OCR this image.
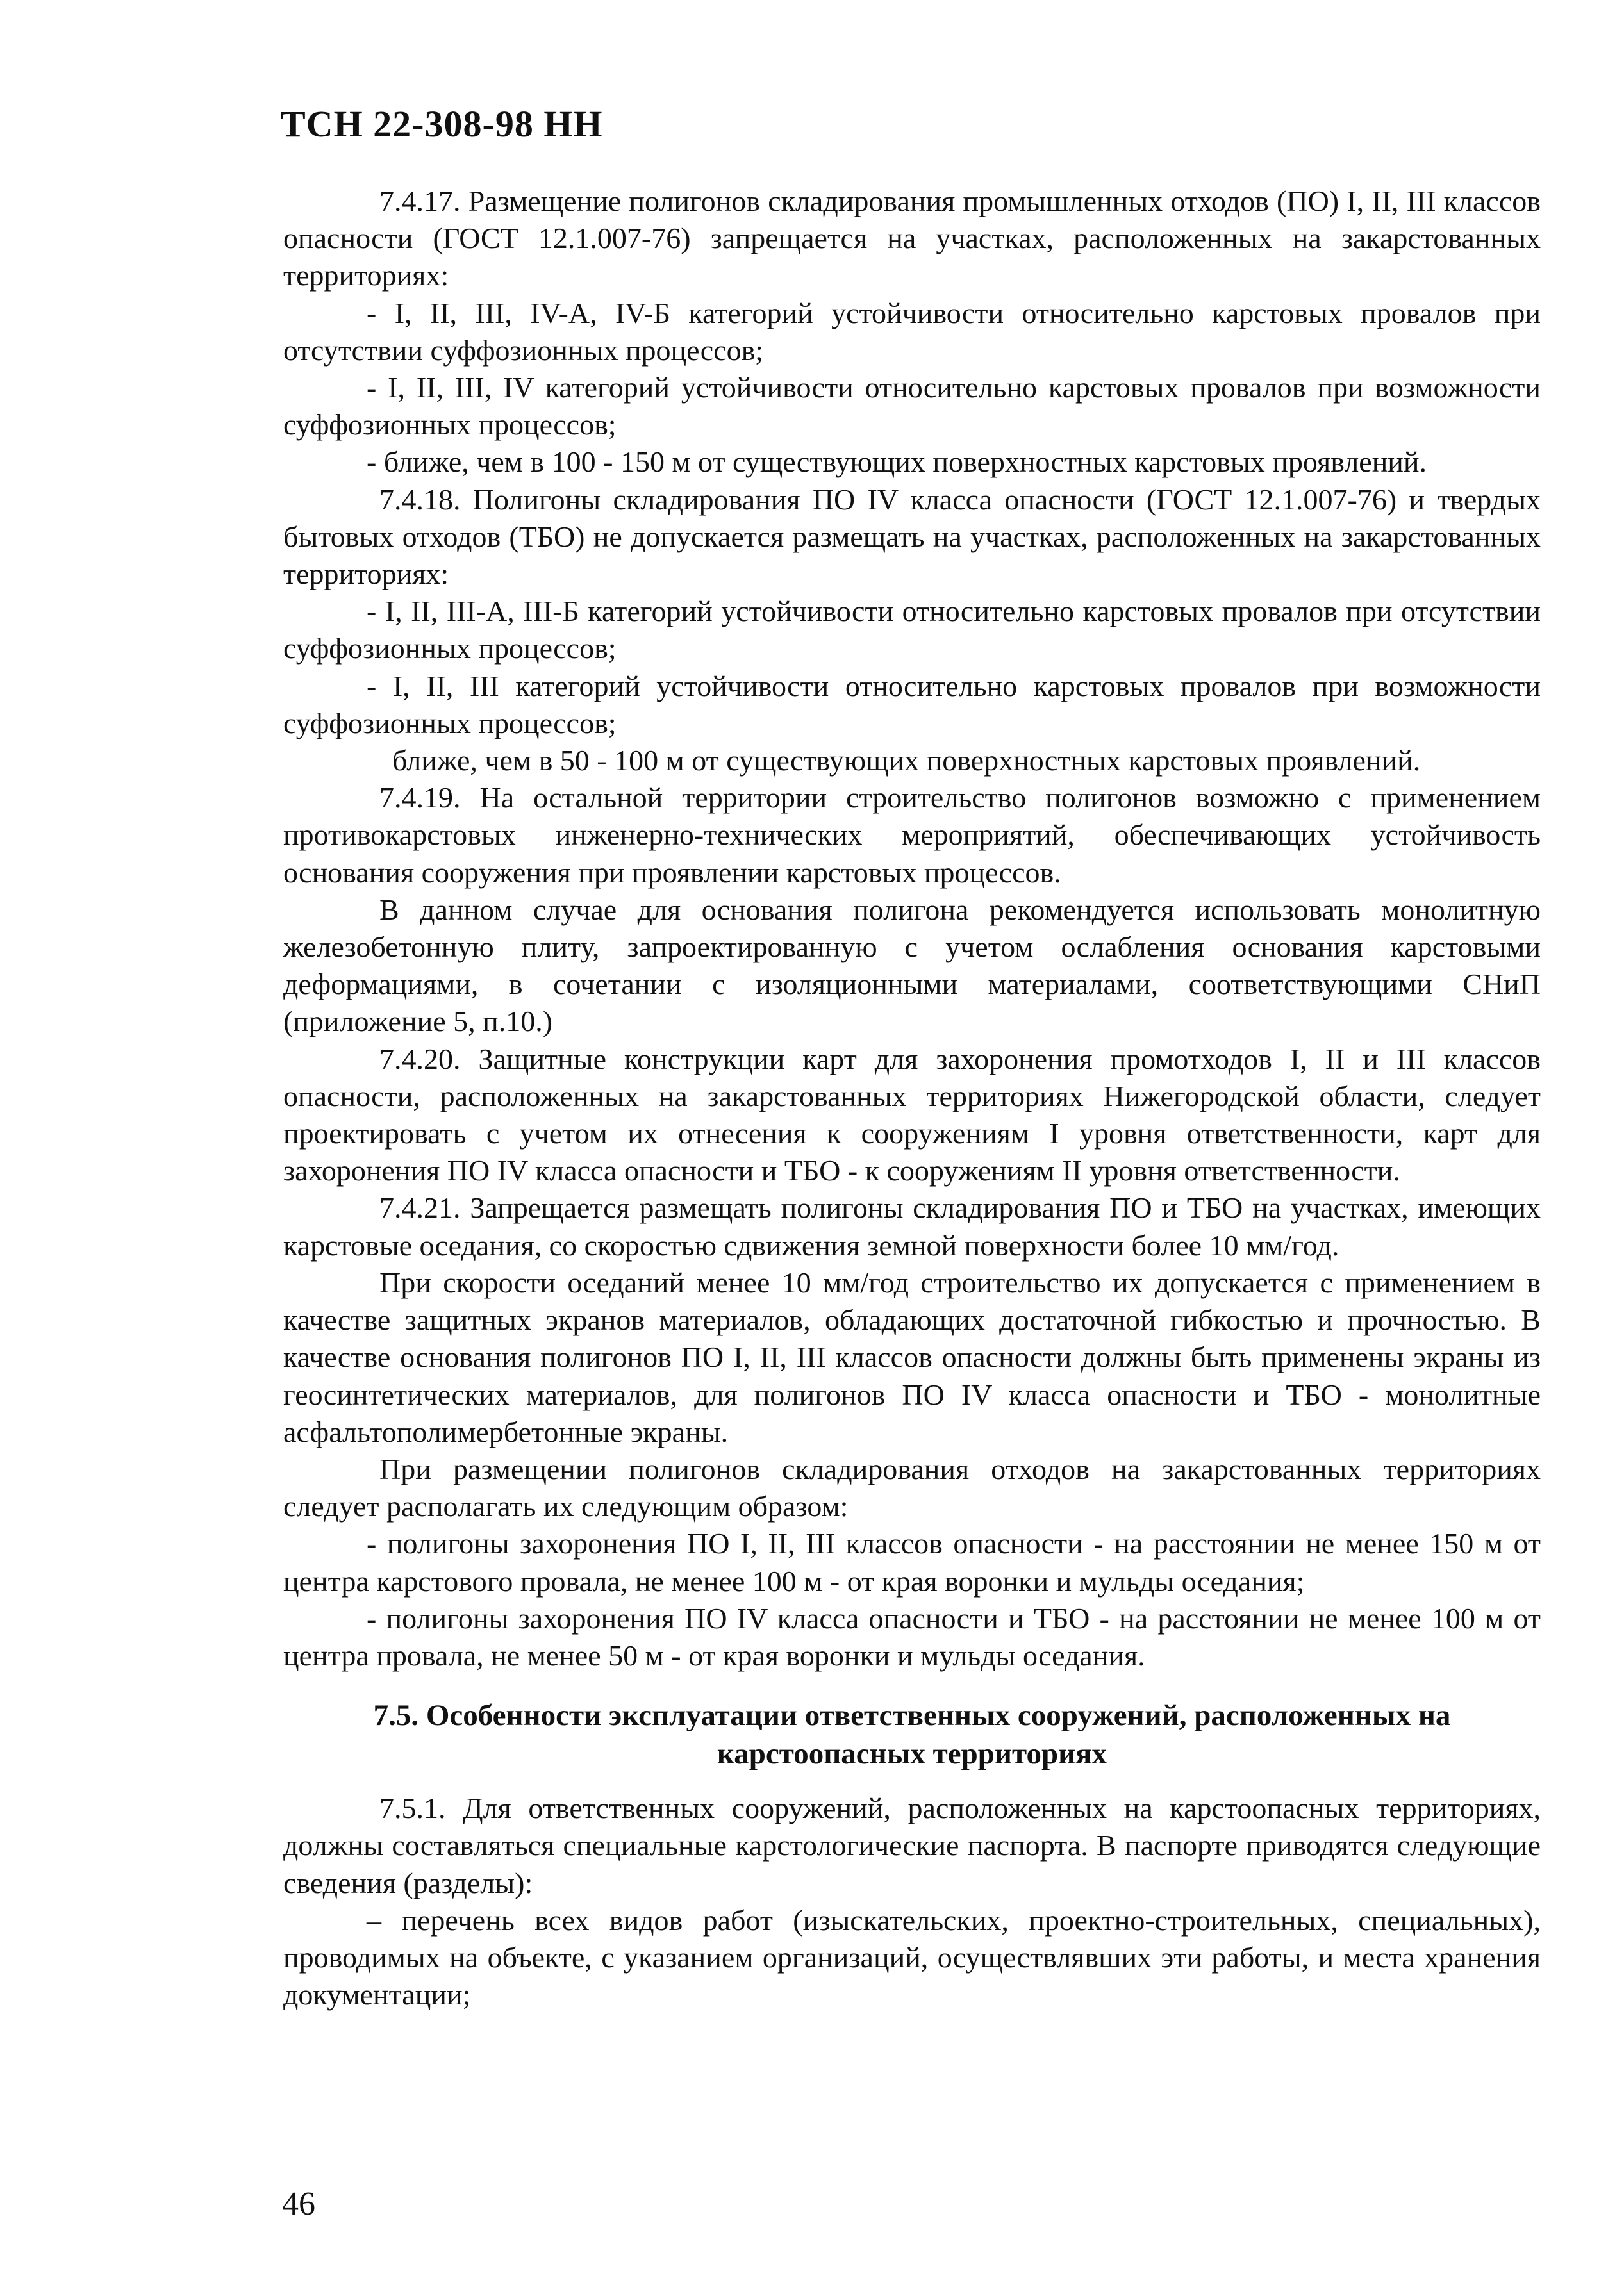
ТСН 22-308-98 НН

7.4.17. Размещение полигонов складирования промышленных отходов (ПО) I, II, III классов опасности (ГОСТ 12.1.007-76) запрещается на участках, расположенных на закарстованных территориях:

- I, II, III, IV-А, IV-Б категорий устойчивости относительно карстовых провалов при отсутствии суффозионных процессов;

- I, II, III, IV категорий устойчивости относительно карстовых провалов при возможности суффозионных процессов;

- ближе, чем в 100 - 150 м от существующих поверхностных карстовых проявлений.

7.4.18. Полигоны складирования ПО IV класса опасности (ГОСТ 12.1.007-76) и твердых бытовых отходов (ТБО) не допускается размещать на участках, расположенных на закарстованных территориях:

- I, II, III-А, III-Б категорий устойчивости относительно карстовых провалов при отсутствии суффозионных процессов;

- I, II, III категорий устойчивости относительно карстовых провалов при возможности суффозионных процессов;

ближе, чем в 50 - 100 м от существующих поверхностных карстовых проявлений.

7.4.19. На остальной территории строительство полигонов возможно с применением противокарстовых инженерно-технических мероприятий, обеспечивающих устойчивость основания сооружения при проявлении карстовых процессов.

В данном случае для основания полигона рекомендуется использовать монолитную железобетонную плиту, запроектированную с учетом ослабления основания карстовыми деформациями, в сочетании с изоляционными материалами, соответствующими СНиП (приложение 5, п.10.)

7.4.20. Защитные конструкции карт для захоронения промотходов I, II и III классов опасности, расположенных на закарстованных территориях Нижегородской области, следует проектировать с учетом их отнесения к сооружениям I уровня ответственности, карт для захоронения ПО IV класса опасности и ТБО - к сооружениям II уровня ответственности.

7.4.21. Запрещается размещать полигоны складирования ПО и ТБО на участках, имеющих карстовые оседания, со скоростью сдвижения земной поверхности более 10 мм/год.

При скорости оседаний менее 10 мм/год строительство их допускается с применением в качестве защитных экранов материалов, обладающих достаточной гибкостью и прочностью. В качестве основания полигонов ПО I, II, III классов опасности должны быть применены экраны из геосинтетических материалов, для полигонов ПО IV класса опасности и ТБО - монолитные асфальтополимербетонные экраны.

При размещении полигонов складирования отходов на закарстованных территориях следует располагать их следующим образом:

- полигоны захоронения ПО I, II, III классов опасности - на расстоянии не менее 150 м от центра карстового провала, не менее 100 м - от края воронки и мульды оседания;

- полигоны захоронения ПО IV класса опасности и ТБО - на расстоянии не менее 100 м от центра провала, не менее 50 м - от края воронки и мульды оседания.

7.5. Особенности эксплуатации ответственных сооружений, расположенных на карстоопасных территориях

7.5.1. Для ответственных сооружений, расположенных на карстоопасных территориях, должны составляться специальные карстологические паспорта. В паспорте приводятся следующие сведения (разделы):

– перечень всех видов работ (изыскательских, проектно-строительных, специальных), проводимых на объекте, с указанием организаций, осуществлявших эти работы, и места хранения документации;

46
